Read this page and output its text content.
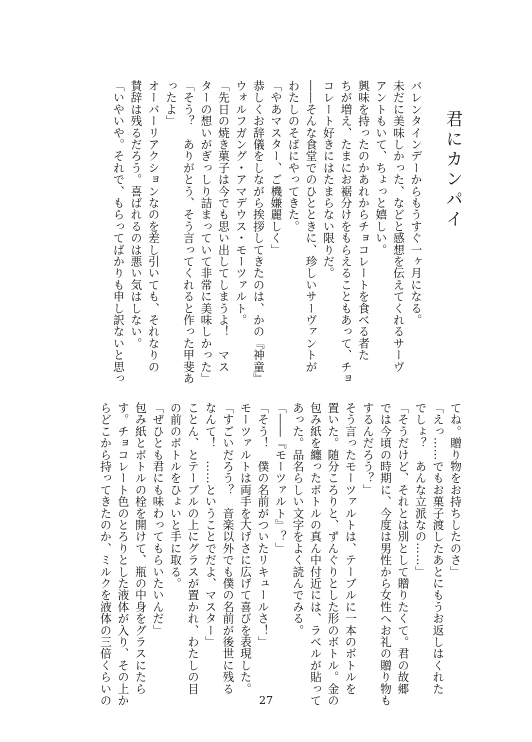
君にカンパイ
バレンタインデーからもうすぐ一ヶ月になる。
未だに美味しかった、などと感想を伝えてくれるサーヴ
アントもいて、ちょっと嬉しい。
興味を持ったのかあれからチョコレートを食べる者た
ちが増え、たまにお裾分けをもらえることもあって、チョ
コレート好きにはたまらない限りだ。
――そんな食堂でのひとときに、珍しいサーヴァントが
わたしのそばにやってきた。
「やあマスター、ご機嫌麗しく」
恭しくお辞儀をしながら挨拶してきたのは、かの『神童』
ウォルフガング・アマデウス・モーツァルト。
「先日の焼き菓子は今でも思い出してしまうよ！　マス
ターの想いがぎっしり詰まっていて非常に美味しかった」
「そう？　ありがとう、そう言ってくれると作った甲斐あ
ったよ」
オーバーリアクションなのを差し引いても、それなりの
賛辞は残るだろう。喜ばれるのは悪い気はしない。
「いやいや。それで、もらってばかりも申し訳ないと思っ
てね。贈り物をお持ちしたのさ」
「えっ……でもお菓子渡したあとにもうお返しはくれた
でしょ？　あんな立派なの……」
「そうだけど、それとは別として贈りたくて。君の故郷
では今頃の時期に、今度は男性から女性へお礼の贈り物も
するんだろう？」
そう言ったモーツァルトは、テーブルに一本のボトルを
置いた。随分ころりと、ずんぐりとした形のボトル。金の
包み紙を纏ったボトルの真ん中付近には、ラベルが貼って
あった。品名らしい文字をよく読んでみる。
「――『モーツァルト』？」
「そう！　僕の名前がついたリキュールさ！」
モーツァルトは両手を大げさに広げて喜びを表現した。
「すごいだろう？　音楽以外でも僕の名前が後世に残る
なんて！　……ということでだよ、マスター」
ことん、とテーブルの上にグラスが置かれ、わたしの目
の前のボトルをひょいと手に取る。
「ぜひとも君にも味わってもらいたいんだ」
包み紙とボトルの栓を開けて、瓶の中身をグラスにたら
す。チョコレート色のとろりとした液体が入り、その上か
らどこから持ってきたのか、ミルクを液体の三倍くらいの	27
